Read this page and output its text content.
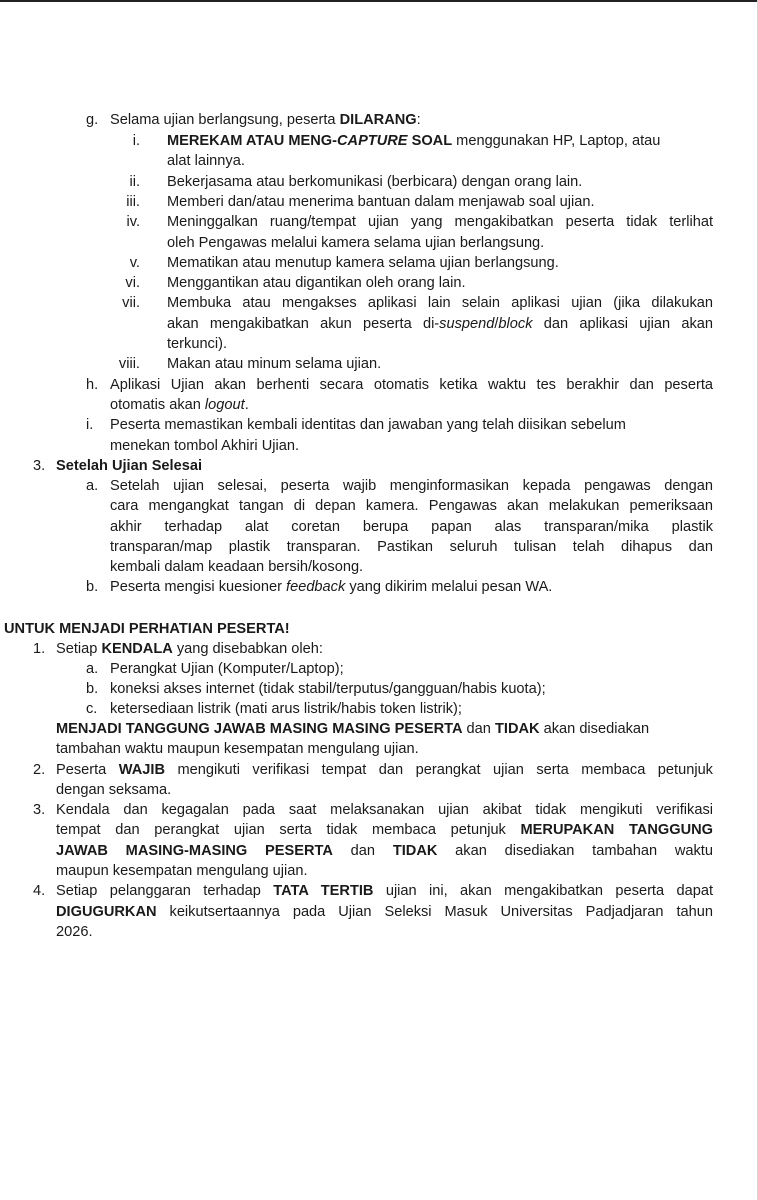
g. Selama ujian berlangsung, peserta DILARANG:
i. MEREKAM ATAU MENG-CAPTURE SOAL menggunakan HP, Laptop, atau
alat lainnya.
ii. Bekerjasama atau berkomunikasi (berbicara) dengan orang lain.
iii. Memberi dan/atau menerima bantuan dalam menjawab soal ujian.
iv. Meninggalkan ruang/tempat ujian yang mengakibatkan peserta tidak terlihat
oleh Pengawas melalui kamera selama ujian berlangsung.
v. Mematikan atau menutup kamera selama ujian berlangsung.
vi. Menggantikan atau digantikan oleh orang lain.
vii. Membuka atau mengakses aplikasi lain selain aplikasi ujian (jika dilakukan
akan mengakibatkan akun peserta di-suspend/block dan aplikasi ujian akan
terkunci).
viii. Makan atau minum selama ujian.
h. Aplikasi Ujian akan berhenti secara otomatis ketika waktu tes berakhir dan peserta
otomatis akan logout.
i. Peserta memastikan kembali identitas dan jawaban yang telah diisikan sebelum
menekan tombol Akhiri Ujian.
3. Setelah Ujian Selesai
a. Setelah ujian selesai, peserta wajib menginformasikan kepada pengawas dengan
cara mengangkat tangan di depan kamera. Pengawas akan melakukan pemeriksaan
akhir terhadap alat coretan berupa papan alas transparan/mika plastik
transparan/map plastik transparan. Pastikan seluruh tulisan telah dihapus dan
kembali dalam keadaan bersih/kosong.
b. Peserta mengisi kuesioner feedback yang dikirim melalui pesan WA.
UNTUK MENJADI PERHATIAN PESERTA!
1. Setiap KENDALA yang disebabkan oleh:
a. Perangkat Ujian (Komputer/Laptop);
b. koneksi akses internet (tidak stabil/terputus/gangguan/habis kuota);
c. ketersediaan listrik (mati arus listrik/habis token listrik);
MENJADI TANGGUNG JAWAB MASING MASING PESERTA dan TIDAK akan disediakan
tambahan waktu maupun kesempatan mengulang ujian.
2. Peserta WAJIB mengikuti verifikasi tempat dan perangkat ujian serta membaca petunjuk
dengan seksama.
3. Kendala dan kegagalan pada saat melaksanakan ujian akibat tidak mengikuti verifikasi
tempat dan perangkat ujian serta tidak membaca petunjuk MERUPAKAN TANGGUNG
JAWAB MASING-MASING PESERTA dan TIDAK akan disediakan tambahan waktu
maupun kesempatan mengulang ujian.
4. Setiap pelanggaran terhadap TATA TERTIB ujian ini, akan mengakibatkan peserta dapat
DIGUGURKAN keikutsertaannya pada Ujian Seleksi Masuk Universitas Padjadjaran tahun
2026.
